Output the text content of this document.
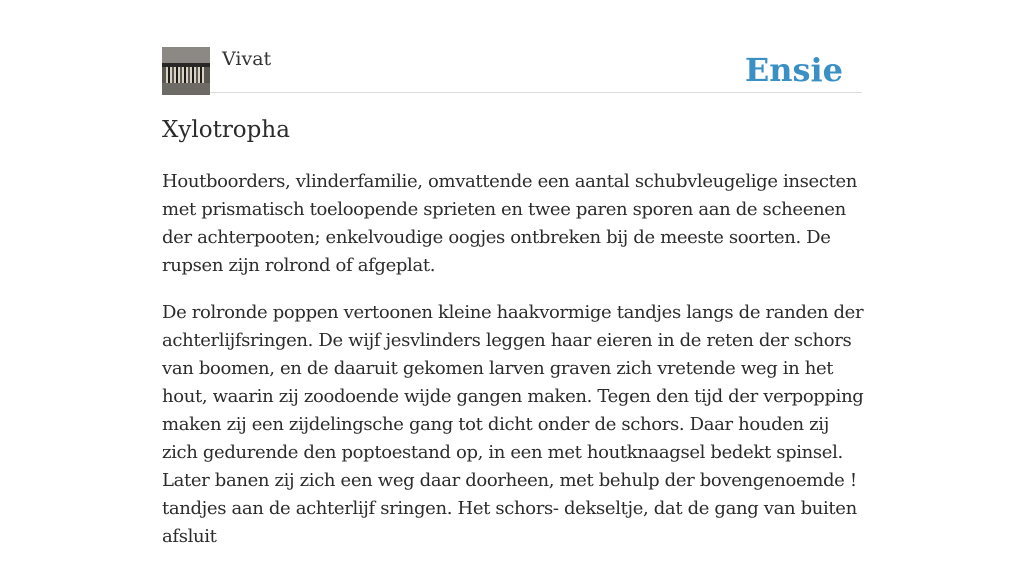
Vivat	Ensie
Xylotropha

Houtboorders, vlinderfamilie, omvattende een aantal schubvleugelige insecten met prismatisch toeloopende sprieten en twee paren sporen aan de scheenen der achterpooten; enkelvoudige oogjes ontbreken bij de meeste soorten. De rupsen zijn rolrond of afgeplat.

De rolronde poppen vertoonen kleine haakvormige tandjes langs de randen der achterlijfsringen. De wijf jesvlinders leggen haar eieren in de reten der schors van boomen, en de daaruit gekomen larven graven zich vretende weg in het hout, waarin zij zoodoende wijde gangen maken. Tegen den tijd der verpopping maken zij een zijdelingsche gang tot dicht onder de schors. Daar houden zij zich gedurende den poptoestand op, in een met houtknaagsel bedekt spinsel. Later banen zij zich een weg daar doorheen, met behulp der bovengenoemde ! tandjes aan de achterlijf sringen. Het schors- dekseltje, dat de gang van buiten afsluit
